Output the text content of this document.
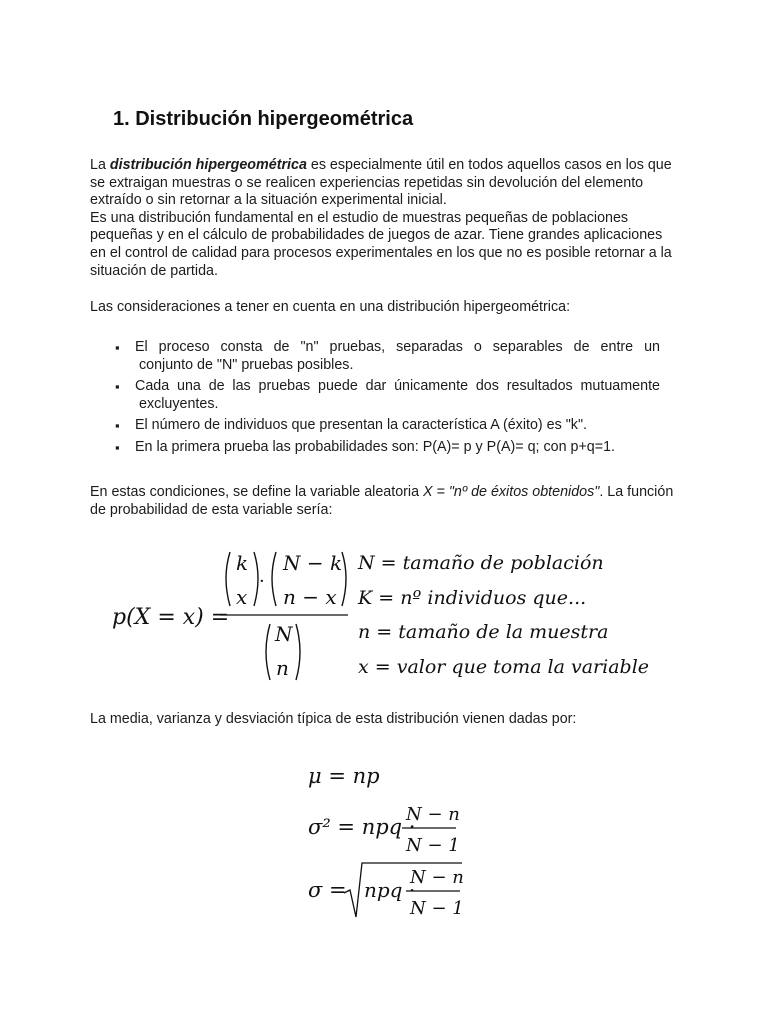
1. Distribución hipergeométrica
La distribución hipergeométrica es especialmente útil en todos aquellos casos en los que se extraigan muestras o se realicen experiencias repetidas sin devolución del elemento extraído o sin retornar a la situación experimental inicial.
Es una distribución fundamental en el estudio de muestras pequeñas de poblaciones pequeñas y en el cálculo de probabilidades de juegos de azar. Tiene grandes aplicaciones en el control de calidad para procesos experimentales en los que no es posible retornar a la situación de partida.
Las consideraciones a tener en cuenta en una distribución hipergeométrica:
▪ El proceso consta de "n" pruebas, separadas o separables de entre un
conjunto de "N" pruebas posibles.
▪ Cada una de las pruebas puede dar únicamente dos resultados mutuamente
excluyentes.
▪ El número de individuos que presentan la característica A (éxito) es "k".
▪ En la primera prueba las probabilidades son: P(A)= p y P(A)= q; con p+q=1.
En estas condiciones, se define la variable aleatoria X = "nº de éxitos obtenidos". La función de probabilidad de esta variable sería:
p(X = x) =
k
x
·
N − k
n − x
N
n
N = tamaño de población
K = nº individuos que...
n = tamaño de la muestra
x = valor que toma la variable
La media, varianza y desviación típica de esta distribución vienen dadas por:
μ = np
σ² = npq ·
N − n
N − 1
σ = npq ·
N − n
N − 1
